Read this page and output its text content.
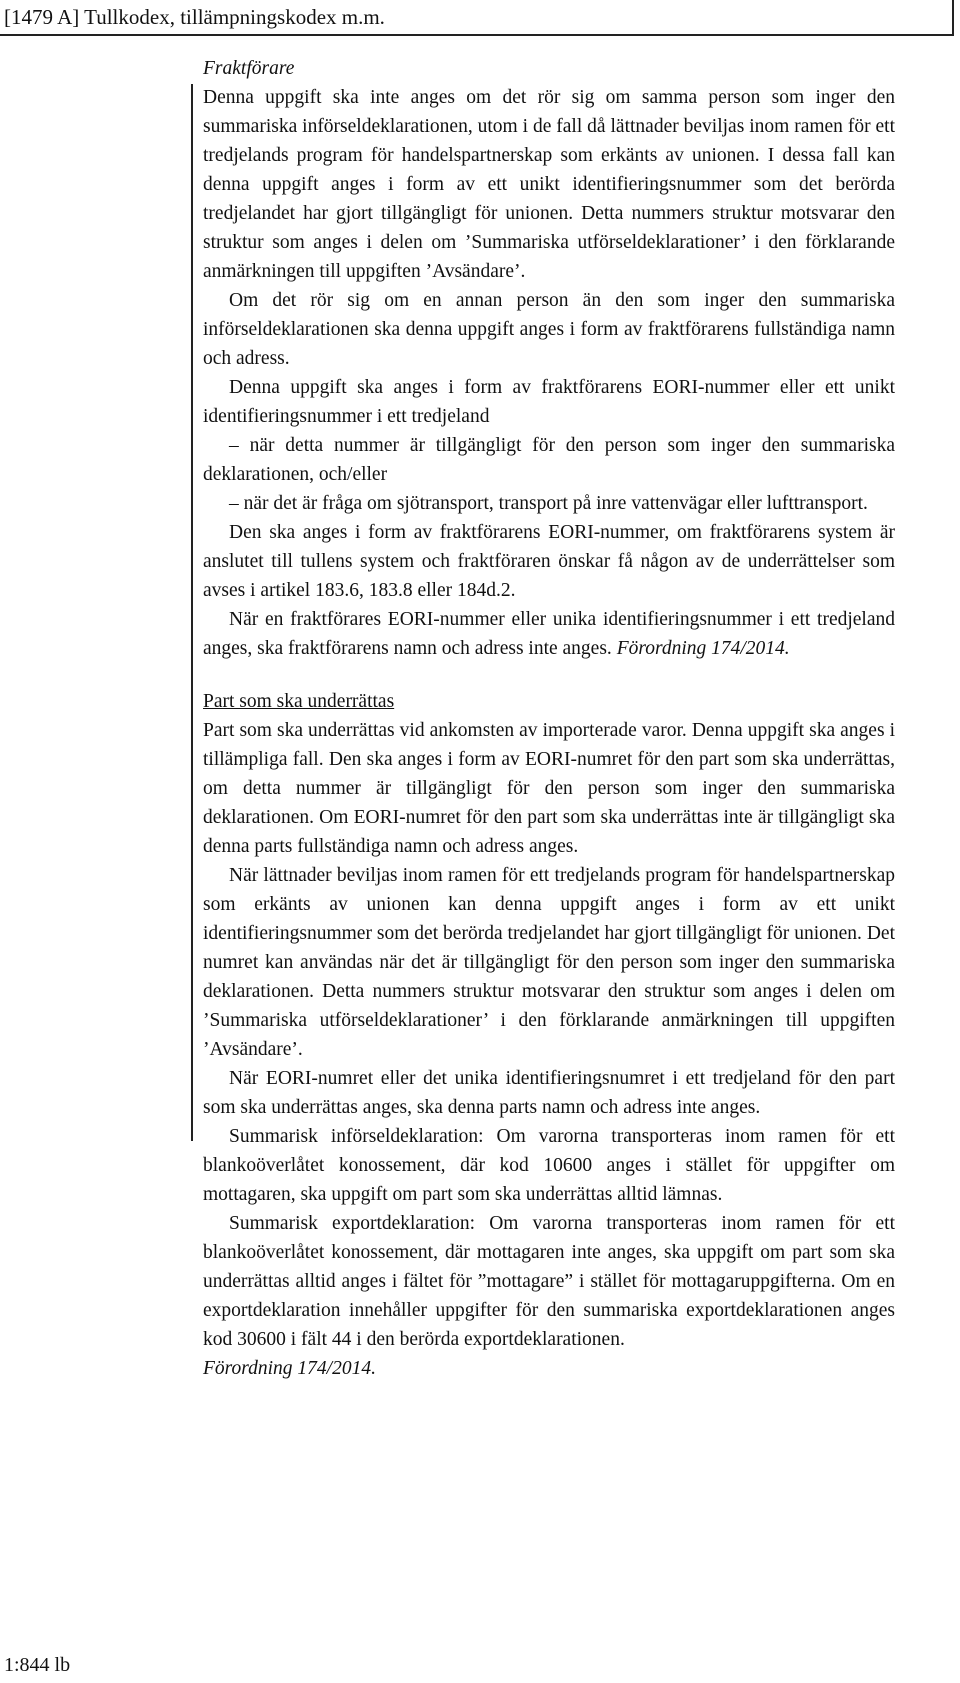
[1479 A] Tullkodex, tillämpningskodex m.m.

Fraktförare

Denna uppgift ska inte anges om det rör sig om samma person som inger den summariska införseldeklarationen, utom i de fall då lättnader beviljas inom ramen för ett tredjelands program för handelspartnerskap som erkänts av unionen. I dessa fall kan denna uppgift anges i form av ett unikt identifieringsnummer som det berörda tredjelandet har gjort tillgängligt för unionen. Detta nummers struktur motsvarar den struktur som anges i delen om ’Summariska utförseldeklarationer’ i den förklarande anmärkningen till uppgiften ’Avsändare’.

Om det rör sig om en annan person än den som inger den summariska införseldeklarationen ska denna uppgift anges i form av fraktförarens fullständiga namn och adress.

Denna uppgift ska anges i form av fraktförarens EORI-nummer eller ett unikt identifieringsnummer i ett tredjeland

– när detta nummer är tillgängligt för den person som inger den summariska deklarationen, och/eller

– när det är fråga om sjötransport, transport på inre vattenvägar eller lufttransport.

Den ska anges i form av fraktförarens EORI-nummer, om fraktförarens system är anslutet till tullens system och fraktföraren önskar få någon av de underrättelser som avses i artikel 183.6, 183.8 eller 184d.2.

När en fraktförares EORI-nummer eller unika identifieringsnummer i ett tredjeland anges, ska fraktförarens namn och adress inte anges. Förordning 174/2014.

Part som ska underrättas

Part som ska underrättas vid ankomsten av importerade varor. Denna uppgift ska anges i tillämpliga fall. Den ska anges i form av EORI-numret för den part som ska underrättas, om detta nummer är tillgängligt för den person som inger den summariska deklarationen. Om EORI-numret för den part som ska underrättas inte är tillgängligt ska denna parts fullständiga namn och adress anges.

När lättnader beviljas inom ramen för ett tredjelands program för handelspartnerskap som erkänts av unionen kan denna uppgift anges i form av ett unikt identifieringsnummer som det berörda tredjelandet har gjort tillgängligt för unionen. Det numret kan användas när det är tillgängligt för den person som inger den summariska deklarationen. Detta nummers struktur motsvarar den struktur som anges i delen om ’Summariska utförseldeklarationer’ i den förklarande anmärkningen till uppgiften ’Avsändare’.

När EORI-numret eller det unika identifieringsnumret i ett tredjeland för den part som ska underrättas anges, ska denna parts namn och adress inte anges.

Summarisk införseldeklaration: Om varorna transporteras inom ramen för ett blankoöverlåtet konossement, där kod 10600 anges i stället för uppgifter om mottagaren, ska uppgift om part som ska underrättas alltid lämnas.

Summarisk exportdeklaration: Om varorna transporteras inom ramen för ett blankoöverlåtet konossement, där mottagaren inte anges, ska uppgift om part som ska underrättas alltid anges i fältet för ”mottagare” i stället för mottagaruppgifterna. Om en exportdeklaration innehåller uppgifter för den summariska exportdeklarationen anges kod 30600 i fält 44 i den berörda exportdeklarationen.

Förordning 174/2014.

1:844 lb
